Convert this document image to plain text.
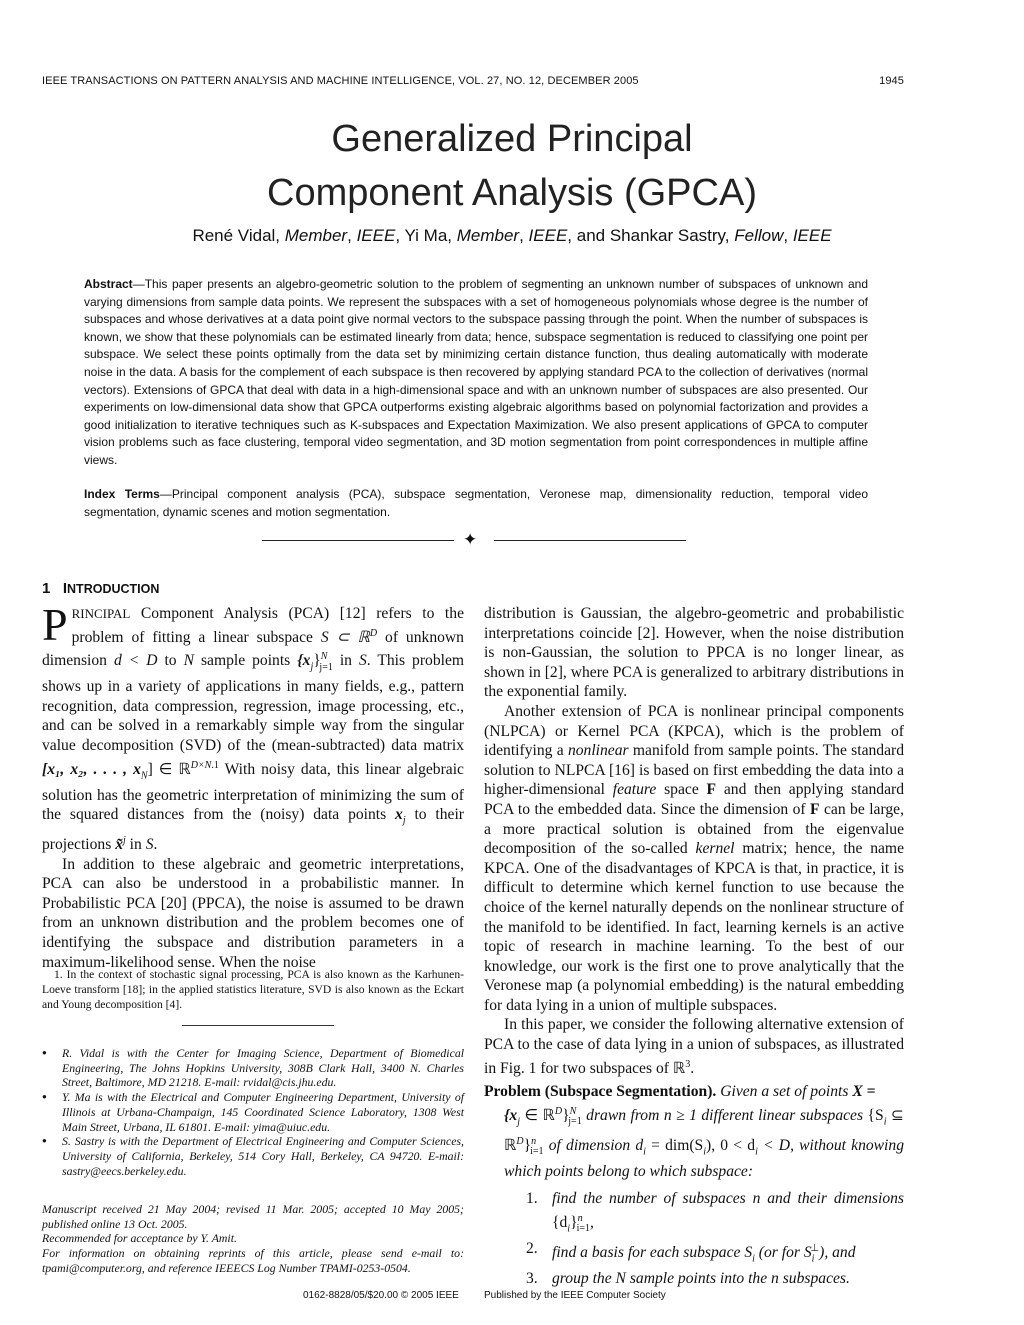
IEEE TRANSACTIONS ON PATTERN ANALYSIS AND MACHINE INTELLIGENCE, VOL. 27, NO. 12, DECEMBER 2005	1945
Generalized Principal
Component Analysis (GPCA)
René Vidal, Member, IEEE, Yi Ma, Member, IEEE, and Shankar Sastry, Fellow, IEEE
Abstract—This paper presents an algebro-geometric solution to the problem of segmenting an unknown number of subspaces of unknown and varying dimensions from sample data points. We represent the subspaces with a set of homogeneous polynomials whose degree is the number of subspaces and whose derivatives at a data point give normal vectors to the subspace passing through the point. When the number of subspaces is known, we show that these polynomials can be estimated linearly from data; hence, subspace segmentation is reduced to classifying one point per subspace. We select these points optimally from the data set by minimizing certain distance function, thus dealing automatically with moderate noise in the data. A basis for the complement of each subspace is then recovered by applying standard PCA to the collection of derivatives (normal vectors). Extensions of GPCA that deal with data in a high-dimensional space and with an unknown number of subspaces are also presented. Our experiments on low-dimensional data show that GPCA outperforms existing algebraic algorithms based on polynomial factorization and provides a good initialization to iterative techniques such as K-subspaces and Expectation Maximization. We also present applications of GPCA to computer vision problems such as face clustering, temporal video segmentation, and 3D motion segmentation from point correspondences in multiple affine views.
Index Terms—Principal component analysis (PCA), subspace segmentation, Veronese map, dimensionality reduction, temporal video segmentation, dynamic scenes and motion segmentation.
✦
1 INTRODUCTION

PRINCIPAL Component Analysis (PCA) [12] refers to the problem of fitting a linear subspace S ⊂ ℝ$^D$ of unknown dimension d < D to N sample points $\{x_j\}^N_{j=1}$ in S. This problem shows up in a variety of applications in many fields, e.g., pattern recognition, data compression, regression, image processing, etc., and can be solved in a remarkably simple way from the singular value decomposition (SVD) of the (mean-subtracted) data matrix [x₁, x₂, . . . , $x_N$] ∈ ℝ$^{D\times N.1}$ With noisy data, this linear algebraic solution has the geometric interpretation of minimizing the sum of the squared distances from the (noisy) data points $x_j$ to their projections x̃$^j$ in S.

In addition to these algebraic and geometric interpretations, PCA can also be understood in a probabilistic manner. In Probabilistic PCA [20] (PPCA), the noise is assumed to be drawn from an unknown distribution and the problem becomes one of identifying the subspace and distribution parameters in a maximum-likelihood sense. When the noise

1. In the context of stochastic signal processing, PCA is also known as the Karhunen-Loeve transform [18]; in the applied statistics literature, SVD is also known as the Eckart and Young decomposition [4].
● R. Vidal is with the Center for Imaging Science, Department of Biomedical Engineering, The Johns Hopkins University, 308B Clark Hall, 3400 N. Charles Street, Baltimore, MD 21218. E-mail: rvidal@cis.jhu.edu.
● Y. Ma is with the Electrical and Computer Engineering Department, University of Illinois at Urbana-Champaign, 145 Coordinated Science Laboratory, 1308 West Main Street, Urbana, IL 61801. E-mail: yima@uiuc.edu.
● S. Sastry is with the Department of Electrical Engineering and Computer Sciences, University of California, Berkeley, 514 Cory Hall, Berkeley, CA 94720. E-mail: sastry@eecs.berkeley.edu.

Manuscript received 21 May 2004; revised 11 Mar. 2005; accepted 10 May 2005; published online 13 Oct. 2005.

Recommended for acceptance by Y. Amit.

For information on obtaining reprints of this article, please send e-mail to: tpami@computer.org, and reference IEEECS Log Number TPAMI-0253-0504.

distribution is Gaussian, the algebro-geometric and probabilistic interpretations coincide [2]. However, when the noise distribution is non-Gaussian, the solution to PPCA is no longer linear, as shown in [2], where PCA is generalized to arbitrary distributions in the exponential family.

Another extension of PCA is nonlinear principal components (NLPCA) or Kernel PCA (KPCA), which is the problem of identifying a nonlinear manifold from sample points. The standard solution to NLPCA [16] is based on first embedding the data into a higher-dimensional feature space F and then applying standard PCA to the embedded data. Since the dimension of F can be large, a more practical solution is obtained from the eigenvalue decomposition of the so-called kernel matrix; hence, the name KPCA. One of the disadvantages of KPCA is that, in practice, it is difficult to determine which kernel function to use because the choice of the kernel naturally depends on the nonlinear structure of the manifold to be identified. In fact, learning kernels is an active topic of research in machine learning. To the best of our knowledge, our work is the first one to prove analytically that the Veronese map (a polynomial embedding) is the natural embedding for data lying in a union of multiple subspaces.

In this paper, we consider the following alternative extension of PCA to the case of data lying in a union of subspaces, as illustrated in Fig. 1 for two subspaces of ℝ$^3$.

Problem (Subspace Segmentation). Given a set of points X =
{$x_j$ ∈ ℝ$^D$}$^N_{j=1}$ drawn from n ≥ 1 different linear subspaces {$S_i$ ⊆ ℝ$^D$}$^n_{i=1}$ of dimension $d_i = dim(S_i)$, $0 < d_i < D$, without knowing which points belong to which subspace:
1. find the number of subspaces n and their dimensions $\{d_i\}^n_{i=1}$,
2. find a basis for each subspace $S_i$ (or for $S_i^\perp$), and
3. group the N sample points into the n subspaces.
0162-8828/05/$20.00 © 2005 IEEE	Published by the IEEE Computer Society
